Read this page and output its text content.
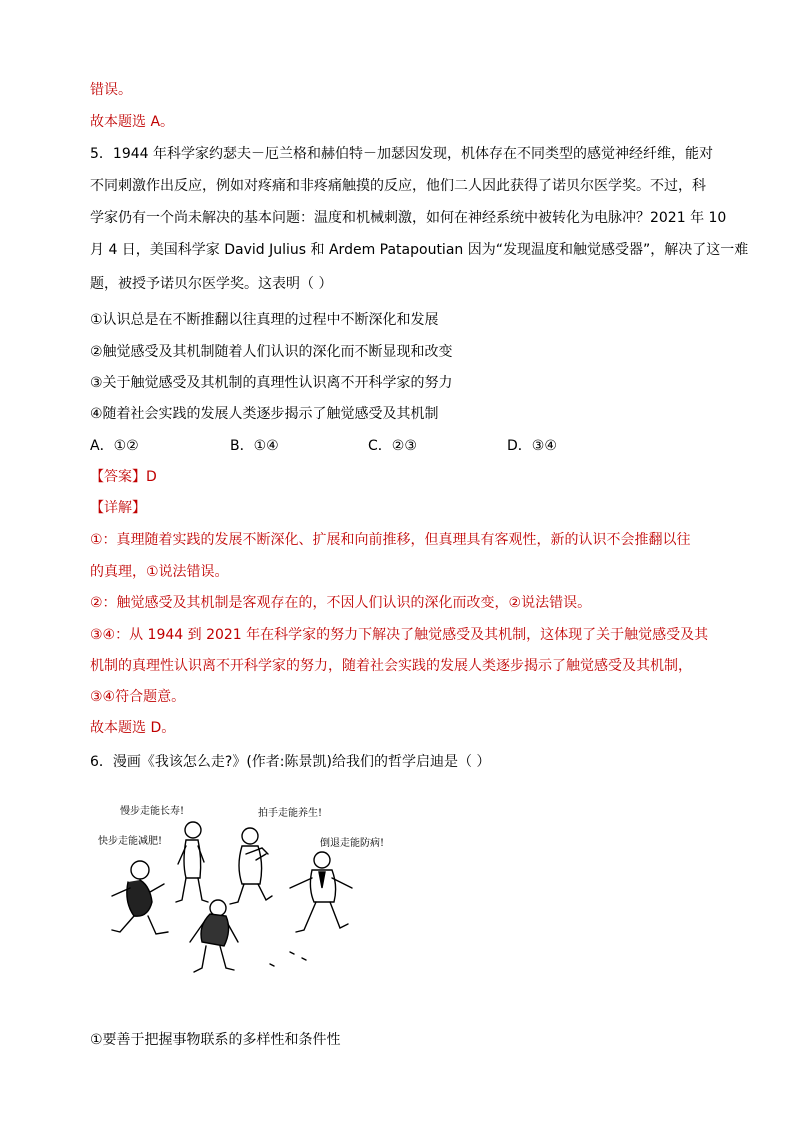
错误。
故本题选 A。
5．1944 年科学家约瑟夫－厄兰格和赫伯特－加瑟因发现，机体存在不同类型的感觉神经纤维，能对
不同刺激作出反应，例如对疼痛和非疼痛触摸的反应，他们二人因此获得了诺贝尔医学奖。不过，科
学家仍有一个尚未解决的基本问题：温度和机械刺激，如何在神经系统中被转化为电脉冲？2021 年 10
月 4 日，美国科学家 David Julius 和 Ardem Patapoutian 因为“发现温度和触觉感受器”，解决了这一难
题，被授予诺贝尔医学奖。这表明（ ）
①认识总是在不断推翻以往真理的过程中不断深化和发展
②触觉感受及其机制随着人们认识的深化而不断显现和改变
③关于触觉感受及其机制的真理性认识离不开科学家的努力
④随着社会实践的发展人类逐步揭示了触觉感受及其机制
A．①②	B．①④	C．②③	D．③④
【答案】D
【详解】
①：真理随着实践的发展不断深化、扩展和向前推移，但真理具有客观性，新的认识不会推翻以往
的真理，①说法错误。
②：触觉感受及其机制是客观存在的，不因人们认识的深化而改变，②说法错误。
③④：从 1944 到 2021 年在科学家的努力下解决了触觉感受及其机制，这体现了关于触觉感受及其
机制的真理性认识离不开科学家的努力，随着社会实践的发展人类逐步揭示了触觉感受及其机制，
③④符合题意。
故本题选 D。
6．漫画《我该怎么走?》(作者:陈景凯)给我们的哲学启迪是（ ）
慢步走能长寿!
快步走能减肥!
拍手走能养生!
倒退走能防病!
①要善于把握事物联系的多样性和条件性
